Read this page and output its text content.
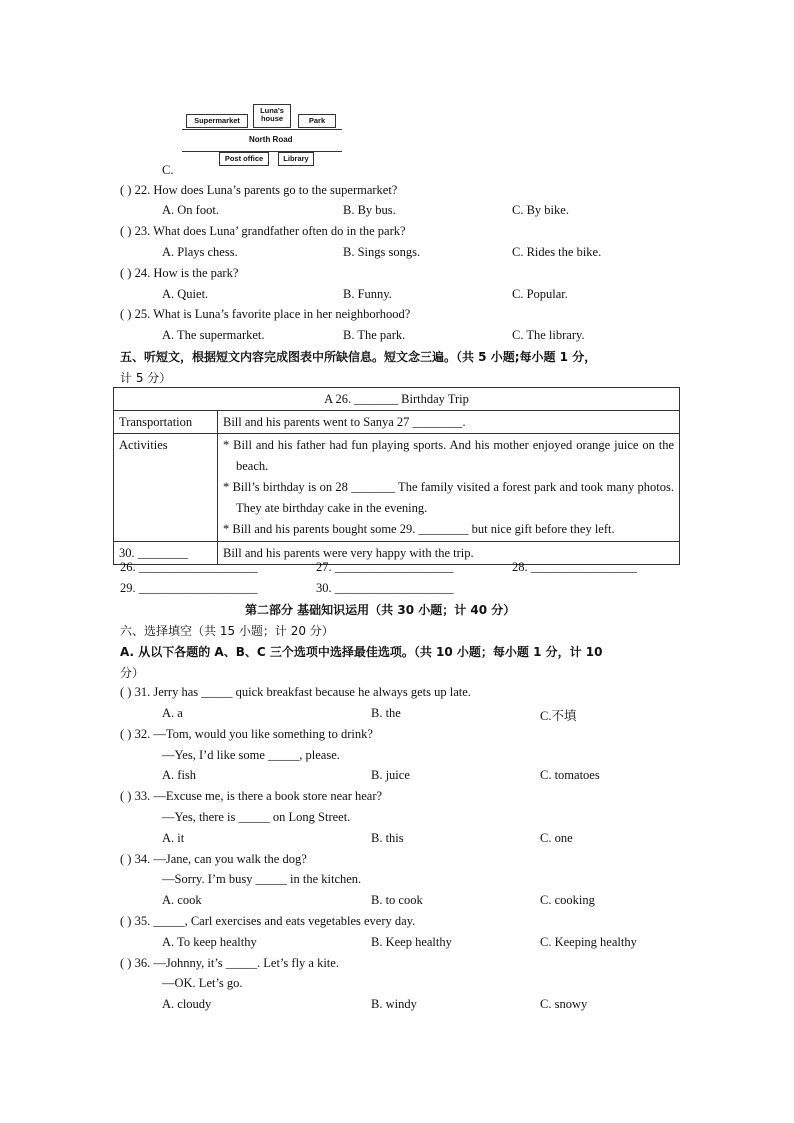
Supermarket
Luna's house	Park
North Road
Post office	Library
C.
( ) 22. How does Luna’s parents go to the supermarket?
A. On foot.	B. By bus.	C. By bike.
( ) 23. What does Luna’ grandfather often do in the park?
A. Plays chess.	B. Sings songs.	C. Rides the bike.
( ) 24. How is the park?
A. Quiet.	B. Funny.	C. Popular.
( ) 25. What is Luna’s favorite place in her neighborhood?
A. The supermarket.	B. The park.	C. The library.
五、听短文，根据短文内容完成图表中所缺信息。短文念三遍。（共 5 小题;每小题 1 分，
计 5 分）
A 26. _______ Birthday Trip	
Transportation	Bill and his parents went to Sanya 27 ________.
Activities	* Bill and his father had fun playing sports. And his mother enjoyed orange juice on the beach.
* Bill’s birthday is on 28 _______ The family visited a forest park and took many photos. They ate birthday cake in the evening.
* Bill and his parents bought some 29. ________ but nice gift before they left.

30. ________	Bill and his parents were very happy with the trip.
26. ___________________	27. ___________________	28. _________________
29. ___________________	30. ___________________
第二部分 基础知识运用（共 30 小题；计 40 分）
六、选择填空（共 15 小题；计 20 分）
A. 从以下各题的 A、B、C 三个选项中选择最佳选项。（共 10 小题；每小题 1 分，计 10
分）
( ) 31. Jerry has _____ quick breakfast because he always gets up late.
A. a	B. the	C.不填
( ) 32. —Tom, would you like something to drink?
—Yes, I’d like some _____, please.
A. fish	B. juice	C. tomatoes
( ) 33. —Excuse me, is there a book store near hear?
—Yes, there is _____ on Long Street.
A. it	B. this	C. one
( ) 34. —Jane, can you walk the dog?
—Sorry. I’m busy _____ in the kitchen.
A. cook	B. to cook	C. cooking
( ) 35. _____, Carl exercises and eats vegetables every day.
A. To keep healthy	B. Keep healthy	C. Keeping healthy
( ) 36. —Johnny, it’s _____. Let’s fly a kite.
—OK. Let’s go.
A. cloudy	B. windy	C. snowy
